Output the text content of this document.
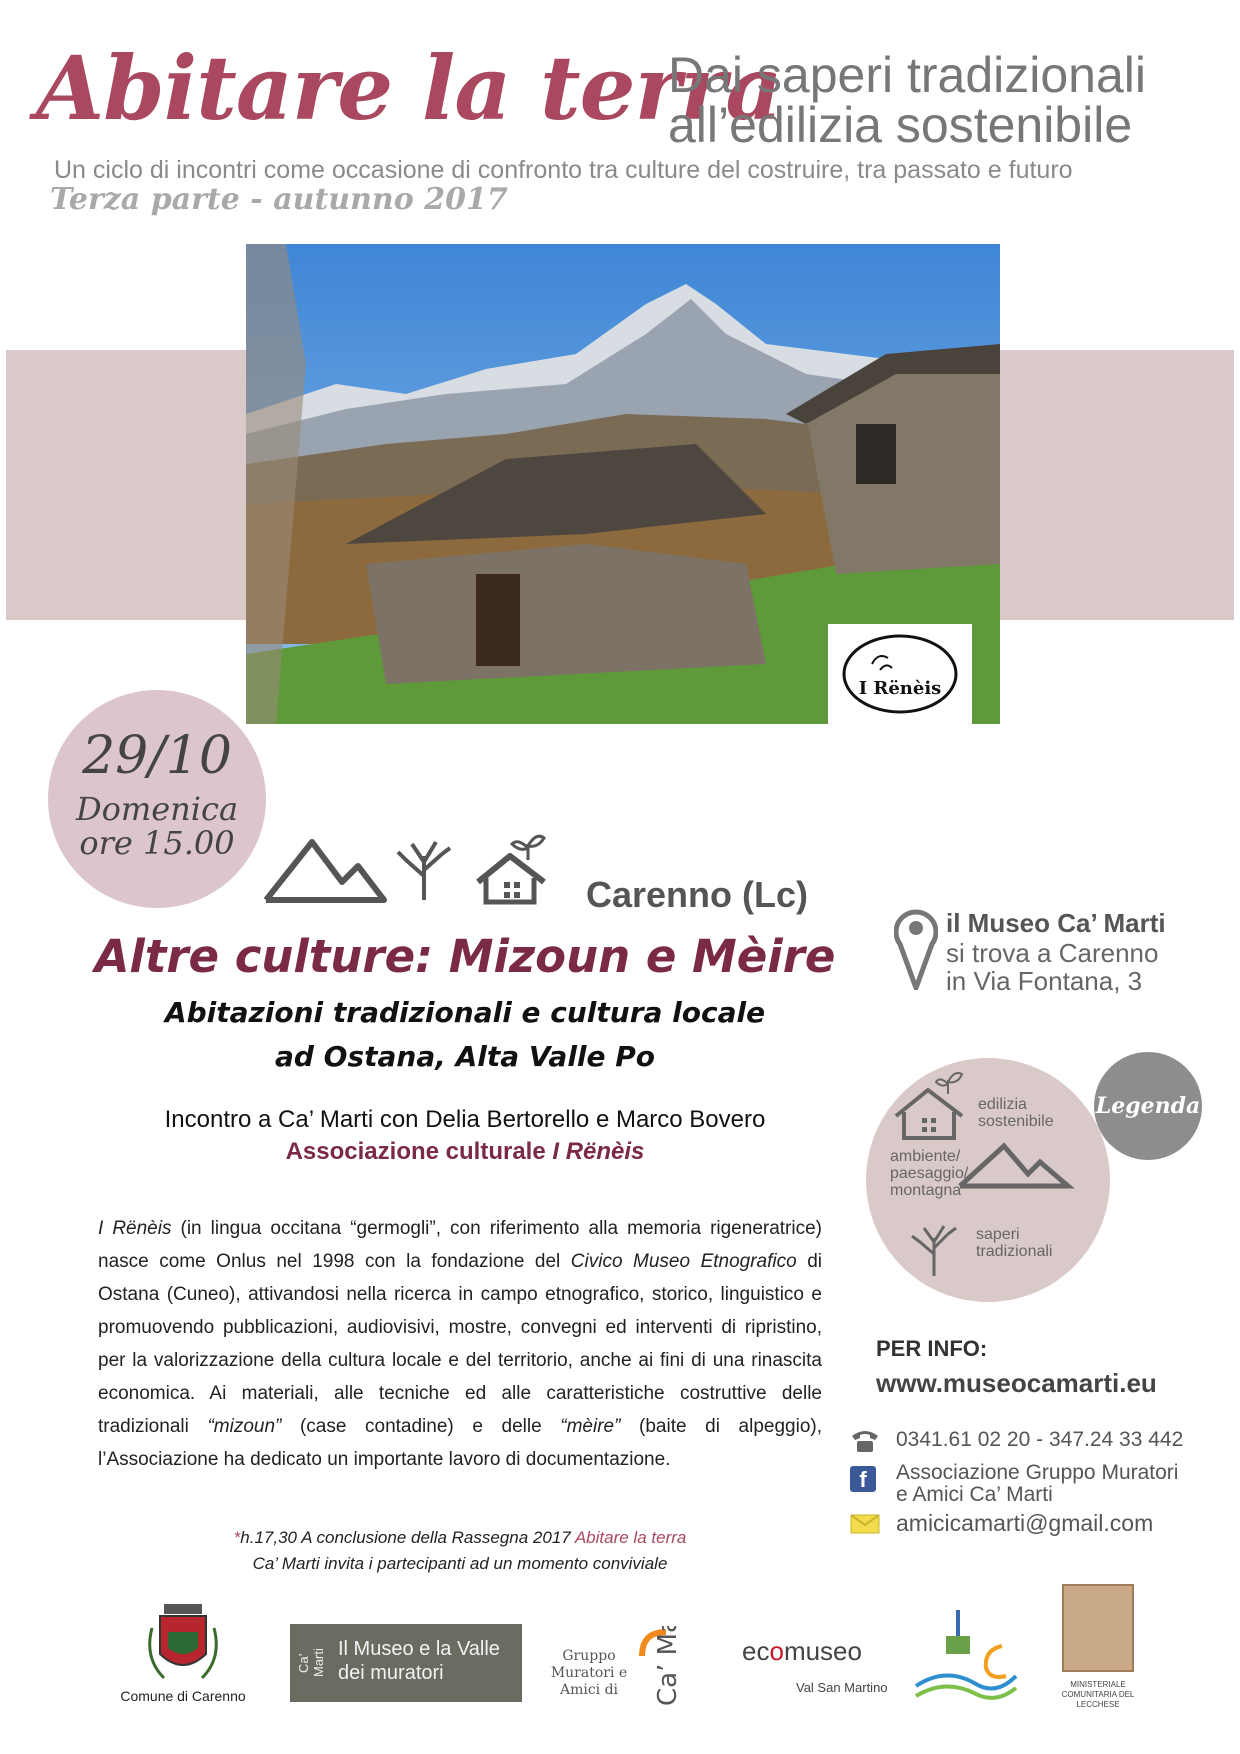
Abitare la terra
Dai saperi tradizionali
all’edilizia sostenibile
Un ciclo di incontri come occasione di confronto tra culture del costruire, tra passato e futuro
Terza parte - autunno 2017
I Rënèis
29/10
Domenica
ore 15.00
Carenno (Lc)
Altre culture: Mizoun e Mèire
Abitazioni tradizionali e cultura locale
ad Ostana, Alta Valle Po
Incontro a Ca’ Marti con Delia Bertorello e Marco Bovero
Associazione culturale I Rënèis
I Rënèis (in lingua occitana “germogli”, con riferimento alla memoria rigeneratrice) nasce come Onlus nel 1998 con la fondazione del Civico Museo Etnografico di Ostana (Cuneo), attivandosi nella ricerca in campo etnografico, storico, linguistico e promuovendo pubblicazioni, audiovisivi, mostre, convegni ed interventi di ripristino, per la valorizzazione della cultura locale e del territorio, anche ai fini di una rinascita economica. Ai materiali, alle tecniche ed alle caratteristiche costruttive delle tradizionali “mizoun” (case contadine) e delle “mèire” (baite di alpeggio), l’Associazione ha dedicato un importante lavoro di documentazione.
*h.17,30 A conclusione della Rassegna 2017 Abitare la terra
Ca’ Marti invita i partecipanti ad un momento conviviale
il Museo Ca’ Marti
si trova a Carenno
in Via Fontana, 3
edilizia sostenibile
ambiente/ paesaggio/ montagna
saperi tradizionali
Legenda
PER INFO:
www.museocamarti.eu
0341.61 02 20 - 347.24 33 442
f	Associazione Gruppo Muratori
e Amici Ca’ Marti
amicicamarti@gmail.com
Comune di Carenno
Ca’ Marti Il Museo e la Valle
dei muratori
Gruppo Muratori e Amici di	Ca’ Marti ecomuseo
Val San Martino	MINISTERIALE COMUNITARIA DEL LECCHESE
